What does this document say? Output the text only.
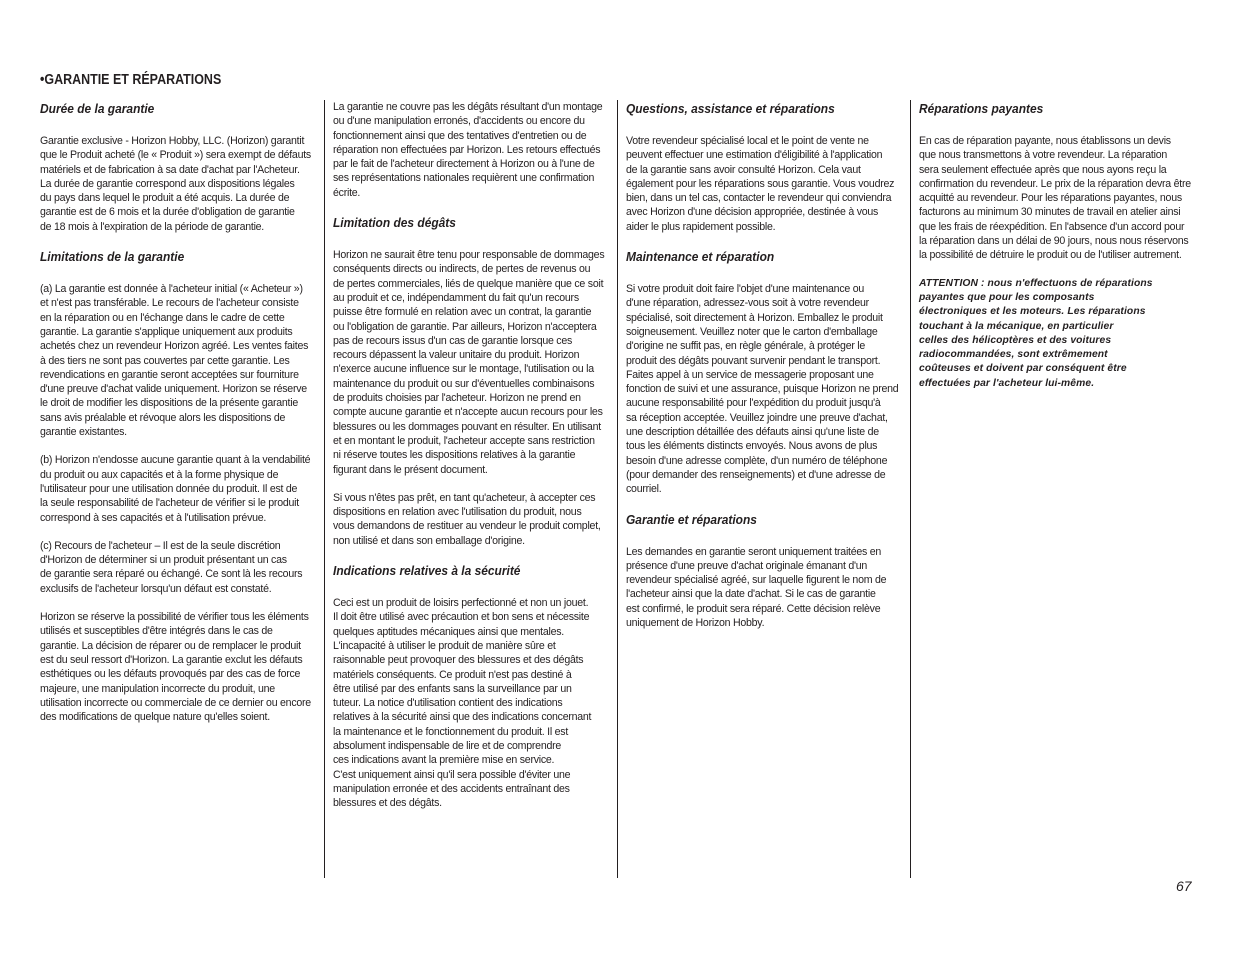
•GARANTIE ET RÉPARATIONS
Durée de la garantie
Garantie exclusive - Horizon Hobby, LLC. (Horizon) garantit
que le Produit acheté (le « Produit ») sera exempt de défauts
matériels et de fabrication à sa date d'achat par l'Acheteur.
La durée de garantie correspond aux dispositions légales
du pays dans lequel le produit a été acquis. La durée de
garantie est de 6 mois et la durée d'obligation de garantie
de 18 mois à l'expiration de la période de garantie.
Limitations de la garantie
(a) La garantie est donnée à l'acheteur initial (« Acheteur »)
et n'est pas transférable. Le recours de l'acheteur consiste
en la réparation ou en l'échange dans le cadre de cette
garantie. La garantie s'applique uniquement aux produits
achetés chez un revendeur Horizon agréé. Les ventes faites
à des tiers ne sont pas couvertes par cette garantie. Les
revendications en garantie seront acceptées sur fourniture
d'une preuve d'achat valide uniquement. Horizon se réserve
le droit de modifier les dispositions de la présente garantie
sans avis préalable et révoque alors les dispositions de
garantie existantes.
(b) Horizon n'endosse aucune garantie quant à la vendabilité
du produit ou aux capacités et à la forme physique de
l'utilisateur pour une utilisation donnée du produit. Il est de
la seule responsabilité de l'acheteur de vérifier si le produit
correspond à ses capacités et à l'utilisation prévue.
(c) Recours de l'acheteur – Il est de la seule discrétion
d'Horizon de déterminer si un produit présentant un cas
de garantie sera réparé ou échangé. Ce sont là les recours
exclusifs de l'acheteur lorsqu'un défaut est constaté.
Horizon se réserve la possibilité de vérifier tous les éléments
utilisés et susceptibles d'être intégrés dans le cas de
garantie. La décision de réparer ou de remplacer le produit
est du seul ressort d'Horizon. La garantie exclut les défauts
esthétiques ou les défauts provoqués par des cas de force
majeure, une manipulation incorrecte du produit, une
utilisation incorrecte ou commerciale de ce dernier ou encore
des modifications de quelque nature qu'elles soient.
La garantie ne couvre pas les dégâts résultant d'un montage
ou d'une manipulation erronés, d'accidents ou encore du
fonctionnement ainsi que des tentatives d'entretien ou de
réparation non effectuées par Horizon. Les retours effectués
par le fait de l'acheteur directement à Horizon ou à l'une de
ses représentations nationales requièrent une confirmation
écrite.
Limitation des dégâts
Horizon ne saurait être tenu pour responsable de dommages
conséquents directs ou indirects, de pertes de revenus ou
de pertes commerciales, liés de quelque manière que ce soit
au produit et ce, indépendamment du fait qu'un recours
puisse être formulé en relation avec un contrat, la garantie
ou l'obligation de garantie. Par ailleurs, Horizon n'acceptera
pas de recours issus d'un cas de garantie lorsque ces
recours dépassent la valeur unitaire du produit. Horizon
n'exerce aucune influence sur le montage, l'utilisation ou la
maintenance du produit ou sur d'éventuelles combinaisons
de produits choisies par l'acheteur. Horizon ne prend en
compte aucune garantie et n'accepte aucun recours pour les
blessures ou les dommages pouvant en résulter. En utilisant
et en montant le produit, l'acheteur accepte sans restriction
ni réserve toutes les dispositions relatives à la garantie
figurant dans le présent document.
Si vous n'êtes pas prêt, en tant qu'acheteur, à accepter ces
dispositions en relation avec l'utilisation du produit, nous
vous demandons de restituer au vendeur le produit complet,
non utilisé et dans son emballage d'origine.
Indications relatives à la sécurité
Ceci est un produit de loisirs perfectionné et non un jouet.
Il doit être utilisé avec précaution et bon sens et nécessite
quelques aptitudes mécaniques ainsi que mentales.
L'incapacité à utiliser le produit de manière sûre et
raisonnable peut provoquer des blessures et des dégâts
matériels conséquents. Ce produit n'est pas destiné à
être utilisé par des enfants sans la surveillance par un
tuteur. La notice d'utilisation contient des indications
relatives à la sécurité ainsi que des indications concernant
la maintenance et le fonctionnement du produit. Il est
absolument indispensable de lire et de comprendre
ces indications avant la première mise en service.
C'est uniquement ainsi qu'il sera possible d'éviter une
manipulation erronée et des accidents entraînant des
blessures et des dégâts.
Questions, assistance et réparations
Votre revendeur spécialisé local et le point de vente ne
peuvent effectuer une estimation d'éligibilité à l'application
de la garantie sans avoir consulté Horizon. Cela vaut
également pour les réparations sous garantie. Vous voudrez
bien, dans un tel cas, contacter le revendeur qui conviendra
avec Horizon d'une décision appropriée, destinée à vous
aider le plus rapidement possible.
Maintenance et réparation
Si votre produit doit faire l'objet d'une maintenance ou
d'une réparation, adressez-vous soit à votre revendeur
spécialisé, soit directement à Horizon. Emballez le produit
soigneusement. Veuillez noter que le carton d'emballage
d'origine ne suffit pas, en règle générale, à protéger le
produit des dégâts pouvant survenir pendant le transport.
Faites appel à un service de messagerie proposant une
fonction de suivi et une assurance, puisque Horizon ne prend
aucune responsabilité pour l'expédition du produit jusqu'à
sa réception acceptée. Veuillez joindre une preuve d'achat,
une description détaillée des défauts ainsi qu'une liste de
tous les éléments distincts envoyés. Nous avons de plus
besoin d'une adresse complète, d'un numéro de téléphone
(pour demander des renseignements) et d'une adresse de
courriel.
Garantie et réparations
Les demandes en garantie seront uniquement traitées en
présence d'une preuve d'achat originale émanant d'un
revendeur spécialisé agréé, sur laquelle figurent le nom de
l'acheteur ainsi que la date d'achat. Si le cas de garantie
est confirmé, le produit sera réparé. Cette décision relève
uniquement de Horizon Hobby.
Réparations payantes
En cas de réparation payante, nous établissons un devis
que nous transmettons à votre revendeur. La réparation
sera seulement effectuée après que nous ayons reçu la
confirmation du revendeur. Le prix de la réparation devra être
acquitté au revendeur. Pour les réparations payantes, nous
facturons au minimum 30 minutes de travail en atelier ainsi
que les frais de réexpédition. En l'absence d'un accord pour
la réparation dans un délai de 90 jours, nous nous réservons
la possibilité de détruire le produit ou de l'utiliser autrement.
ATTENTION : nous n'effectuons de réparations
payantes que pour les composants
électroniques et les moteurs. Les réparations
touchant à la mécanique, en particulier
celles des hélicoptères et des voitures
radiocommandées, sont extrêmement
coûteuses et doivent par conséquent être
effectuées par l'acheteur lui-même.
67
